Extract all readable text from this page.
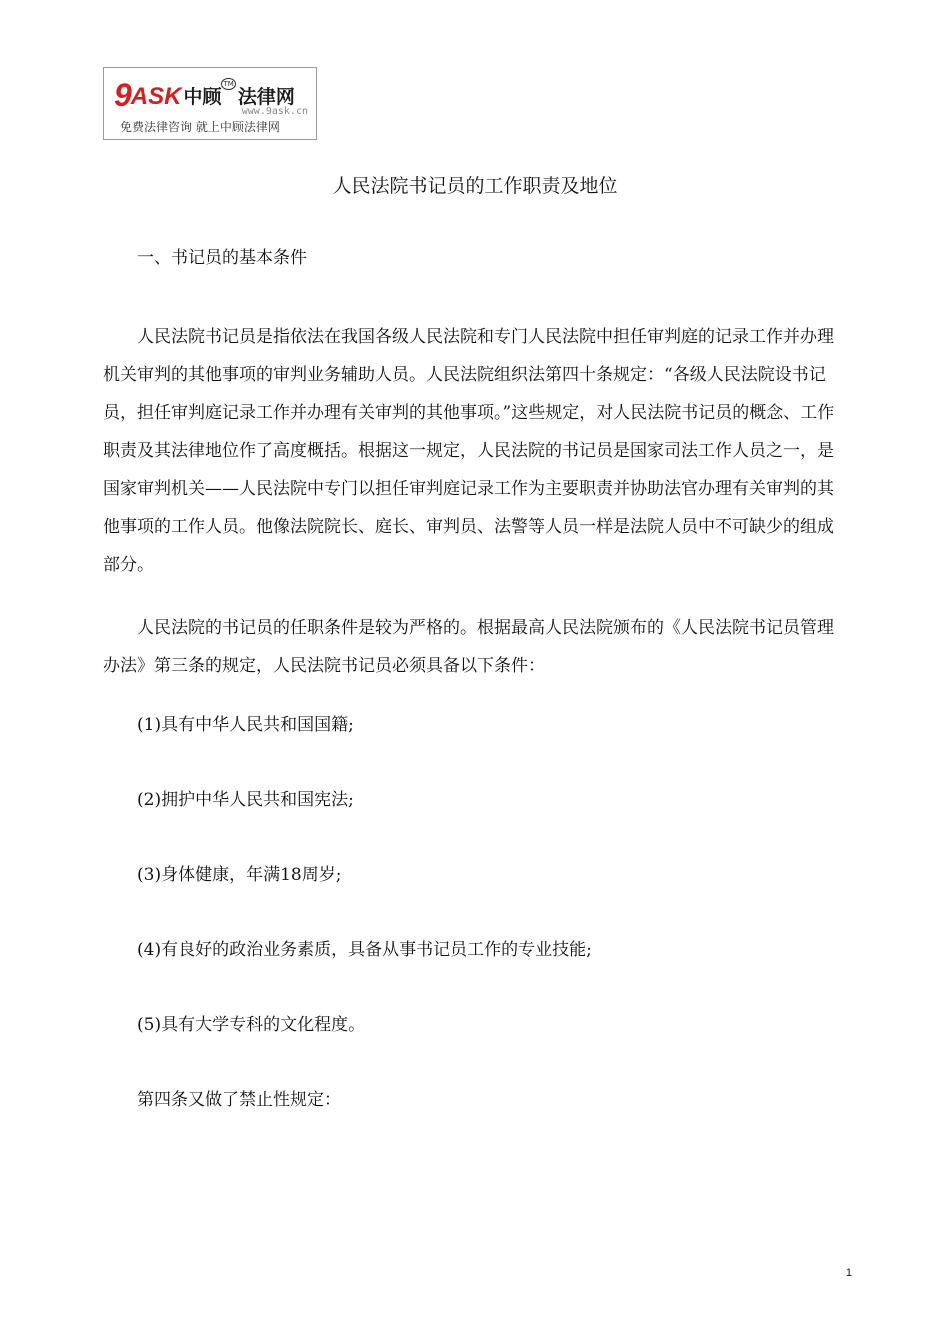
9 ASK 中顾
TM
法律网
www.9ask.cn
免费法律咨询 就上中顾法律网
人民法院书记员的工作职责及地位

一、书记员的基本条件

人民法院书记员是指依法在我国各级人民法院和专门人民法院中担任审判庭的记录工作并办理机关审判的其他事项的审判业务辅助人员。人民法院组织法第四十条规定：“各级人民法院设书记员，担任审判庭记录工作并办理有关审判的其他事项。”这些规定，对人民法院书记员的概念、工作职责及其法律地位作了高度概括。根据这一规定，人民法院的书记员是国家司法工作人员之一，是国家审判机关——人民法院中专门以担任审判庭记录工作为主要职责并协助法官办理有关审判的其他事项的工作人员。他像法院院长、庭长、审判员、法警等人员一样是法院人员中不可缺少的组成部分。

人民法院的书记员的任职条件是较为严格的。根据最高人民法院颁布的《人民法院书记员管理办法》第三条的规定，人民法院书记员必须具备以下条件：

(1)具有中华人民共和国国籍;

(2)拥护中华人民共和国宪法;

(3)身体健康，年满18周岁;

(4)有良好的政治业务素质，具备从事书记员工作的专业技能;

(5)具有大学专科的文化程度。

第四条又做了禁止性规定：

1
